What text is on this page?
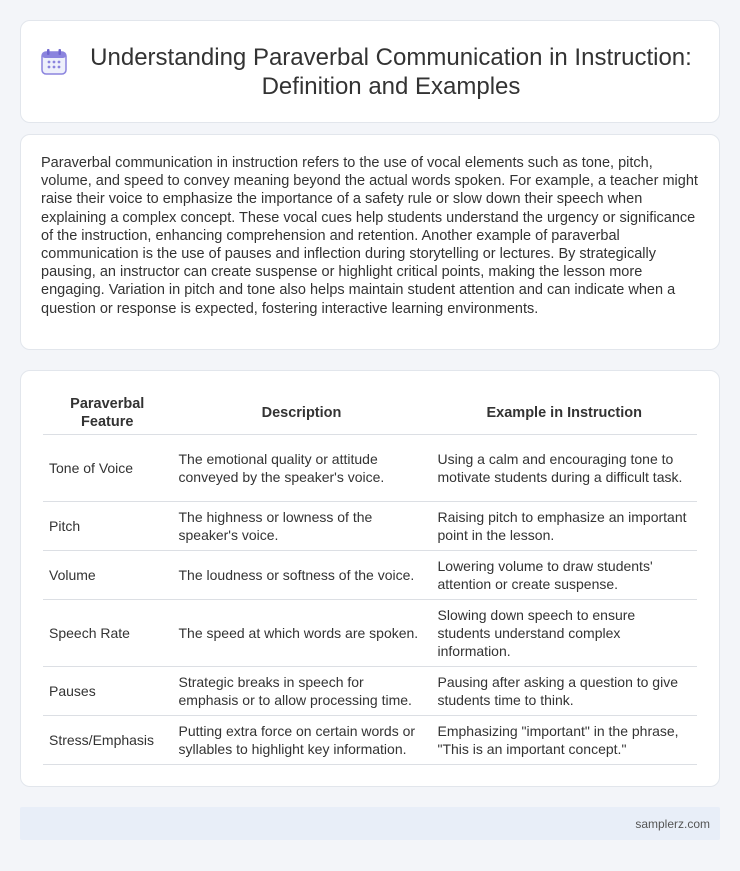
Understanding Paraverbal Communication in Instruction: Definition and Examples

Paraverbal communication in instruction refers to the use of vocal elements such as tone, pitch, volume, and speed to convey meaning beyond the actual words spoken. For example, a teacher might raise their voice to emphasize the importance of a safety rule or slow down their speech when explaining a complex concept. These vocal cues help students understand the urgency or significance of the instruction, enhancing comprehension and retention. Another example of paraverbal communication is the use of pauses and inflection during storytelling or lectures. By strategically pausing, an instructor can create suspense or highlight critical points, making the lesson more engaging. Variation in pitch and tone also helps maintain student attention and can indicate when a question or response is expected, fostering interactive learning environments.

Paraverbal Feature	Description	Example in Instruction
Tone of Voice	The emotional quality or attitude conveyed by the speaker's voice.	Using a calm and encouraging tone to motivate students during a difficult task.
Pitch	The highness or lowness of the speaker's voice.	Raising pitch to emphasize an important point in the lesson.
Volume	The loudness or softness of the voice.	Lowering volume to draw students' attention or create suspense.
Speech Rate	The speed at which words are spoken.	Slowing down speech to ensure students understand complex information.
Pauses	Strategic breaks in speech for emphasis or to allow processing time.	Pausing after asking a question to give students time to think.
Stress/Emphasis	Putting extra force on certain words or syllables to highlight key information.	Emphasizing "important" in the phrase, "This is an important concept."
samplerz.com
